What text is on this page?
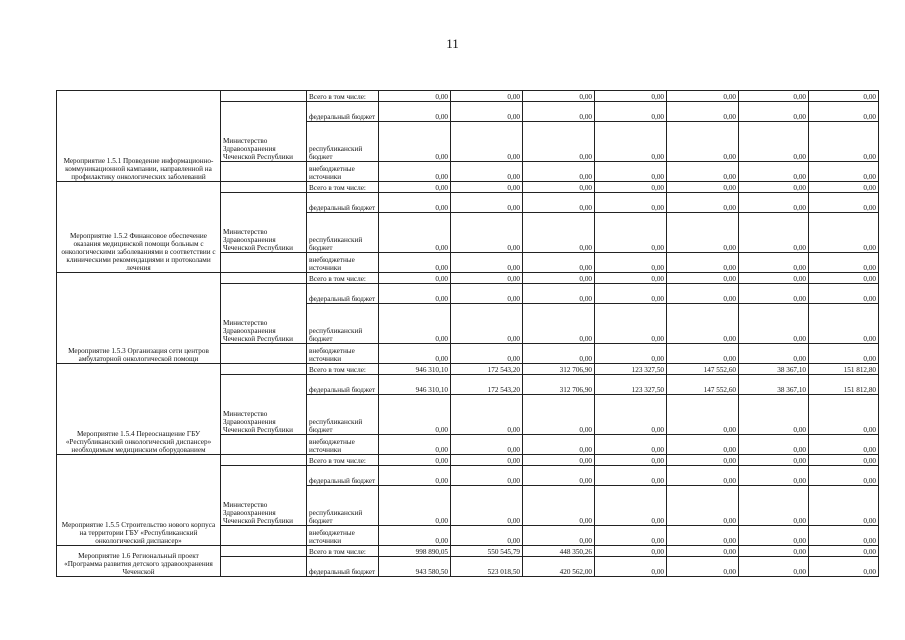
11
Мероприятие 1.5.1 Проведение информационно-коммуникационной кампании, направленной на профилактику онкологических заболеваний		Всего в том числе:	0,00	0,00	0,00	0,00	0,00	0,00	0,00
	Министерство Здравоохранения Чеченской Республики	федеральный бюджет	0,00	0,00	0,00	0,00	0,00	0,00	0,00
		республиканский бюджет	0,00	0,00	0,00	0,00	0,00	0,00	0,00
		внебюджетные источники	0,00	0,00	0,00	0,00	0,00	0,00	0,00
Мероприятие 1.5.2 Финансовое обеспечение оказания медицинской помощи больным с онкологическими заболеваниями в соответствии с клиническими рекомендациями и протоколами лечения		Всего в том числе:	0,00	0,00	0,00	0,00	0,00	0,00	0,00
	Министерство Здравоохранения Чеченской Республики	федеральный бюджет	0,00	0,00	0,00	0,00	0,00	0,00	0,00
		республиканский бюджет	0,00	0,00	0,00	0,00	0,00	0,00	0,00
		внебюджетные источники	0,00	0,00	0,00	0,00	0,00	0,00	0,00
Мероприятие 1.5.3 Организация сети центров амбулаторной онкологической помощи		Всего в том числе:	0,00	0,00	0,00	0,00	0,00	0,00	0,00
	Министерство Здравоохранения Чеченской Республики	федеральный бюджет	0,00	0,00	0,00	0,00	0,00	0,00	0,00
		республиканский бюджет	0,00	0,00	0,00	0,00	0,00	0,00	0,00
		внебюджетные источники	0,00	0,00	0,00	0,00	0,00	0,00	0,00
Мероприятие 1.5.4 Переоснащение ГБУ «Республиканский онкологический диспансер» необходимым медицинским оборудованием		Всего в том числе:	946 310,10	172 543,20	312 706,90	123 327,50	147 552,60	38 367,10	151 812,80
	Министерство Здравоохранения Чеченской Республики	федеральный бюджет	946 310,10	172 543,20	312 706,90	123 327,50	147 552,60	38 367,10	151 812,80
		республиканский бюджет	0,00	0,00	0,00	0,00	0,00	0,00	0,00
		внебюджетные источники	0,00	0,00	0,00	0,00	0,00	0,00	0,00
Мероприятие 1.5.5 Строительство нового корпуса на территории ГБУ «Республиканский онкологический диспансер»		Всего в том числе:	0,00	0,00	0,00	0,00	0,00	0,00	0,00
	Министерство Здравоохранения Чеченской Республики	федеральный бюджет	0,00	0,00	0,00	0,00	0,00	0,00	0,00
		республиканский бюджет	0,00	0,00	0,00	0,00	0,00	0,00	0,00
		внебюджетные источники	0,00	0,00	0,00	0,00	0,00	0,00	0,00
Мероприятие 1.6 Региональный проект «Программа развития детского здравоохранения Чеченской		Всего в том числе:	998 890,05	550 545,79	448 350,26	0,00	0,00	0,00	0,00
		федеральный бюджет	943 580,50	523 018,50	420 562,00	0,00	0,00	0,00	0,00
